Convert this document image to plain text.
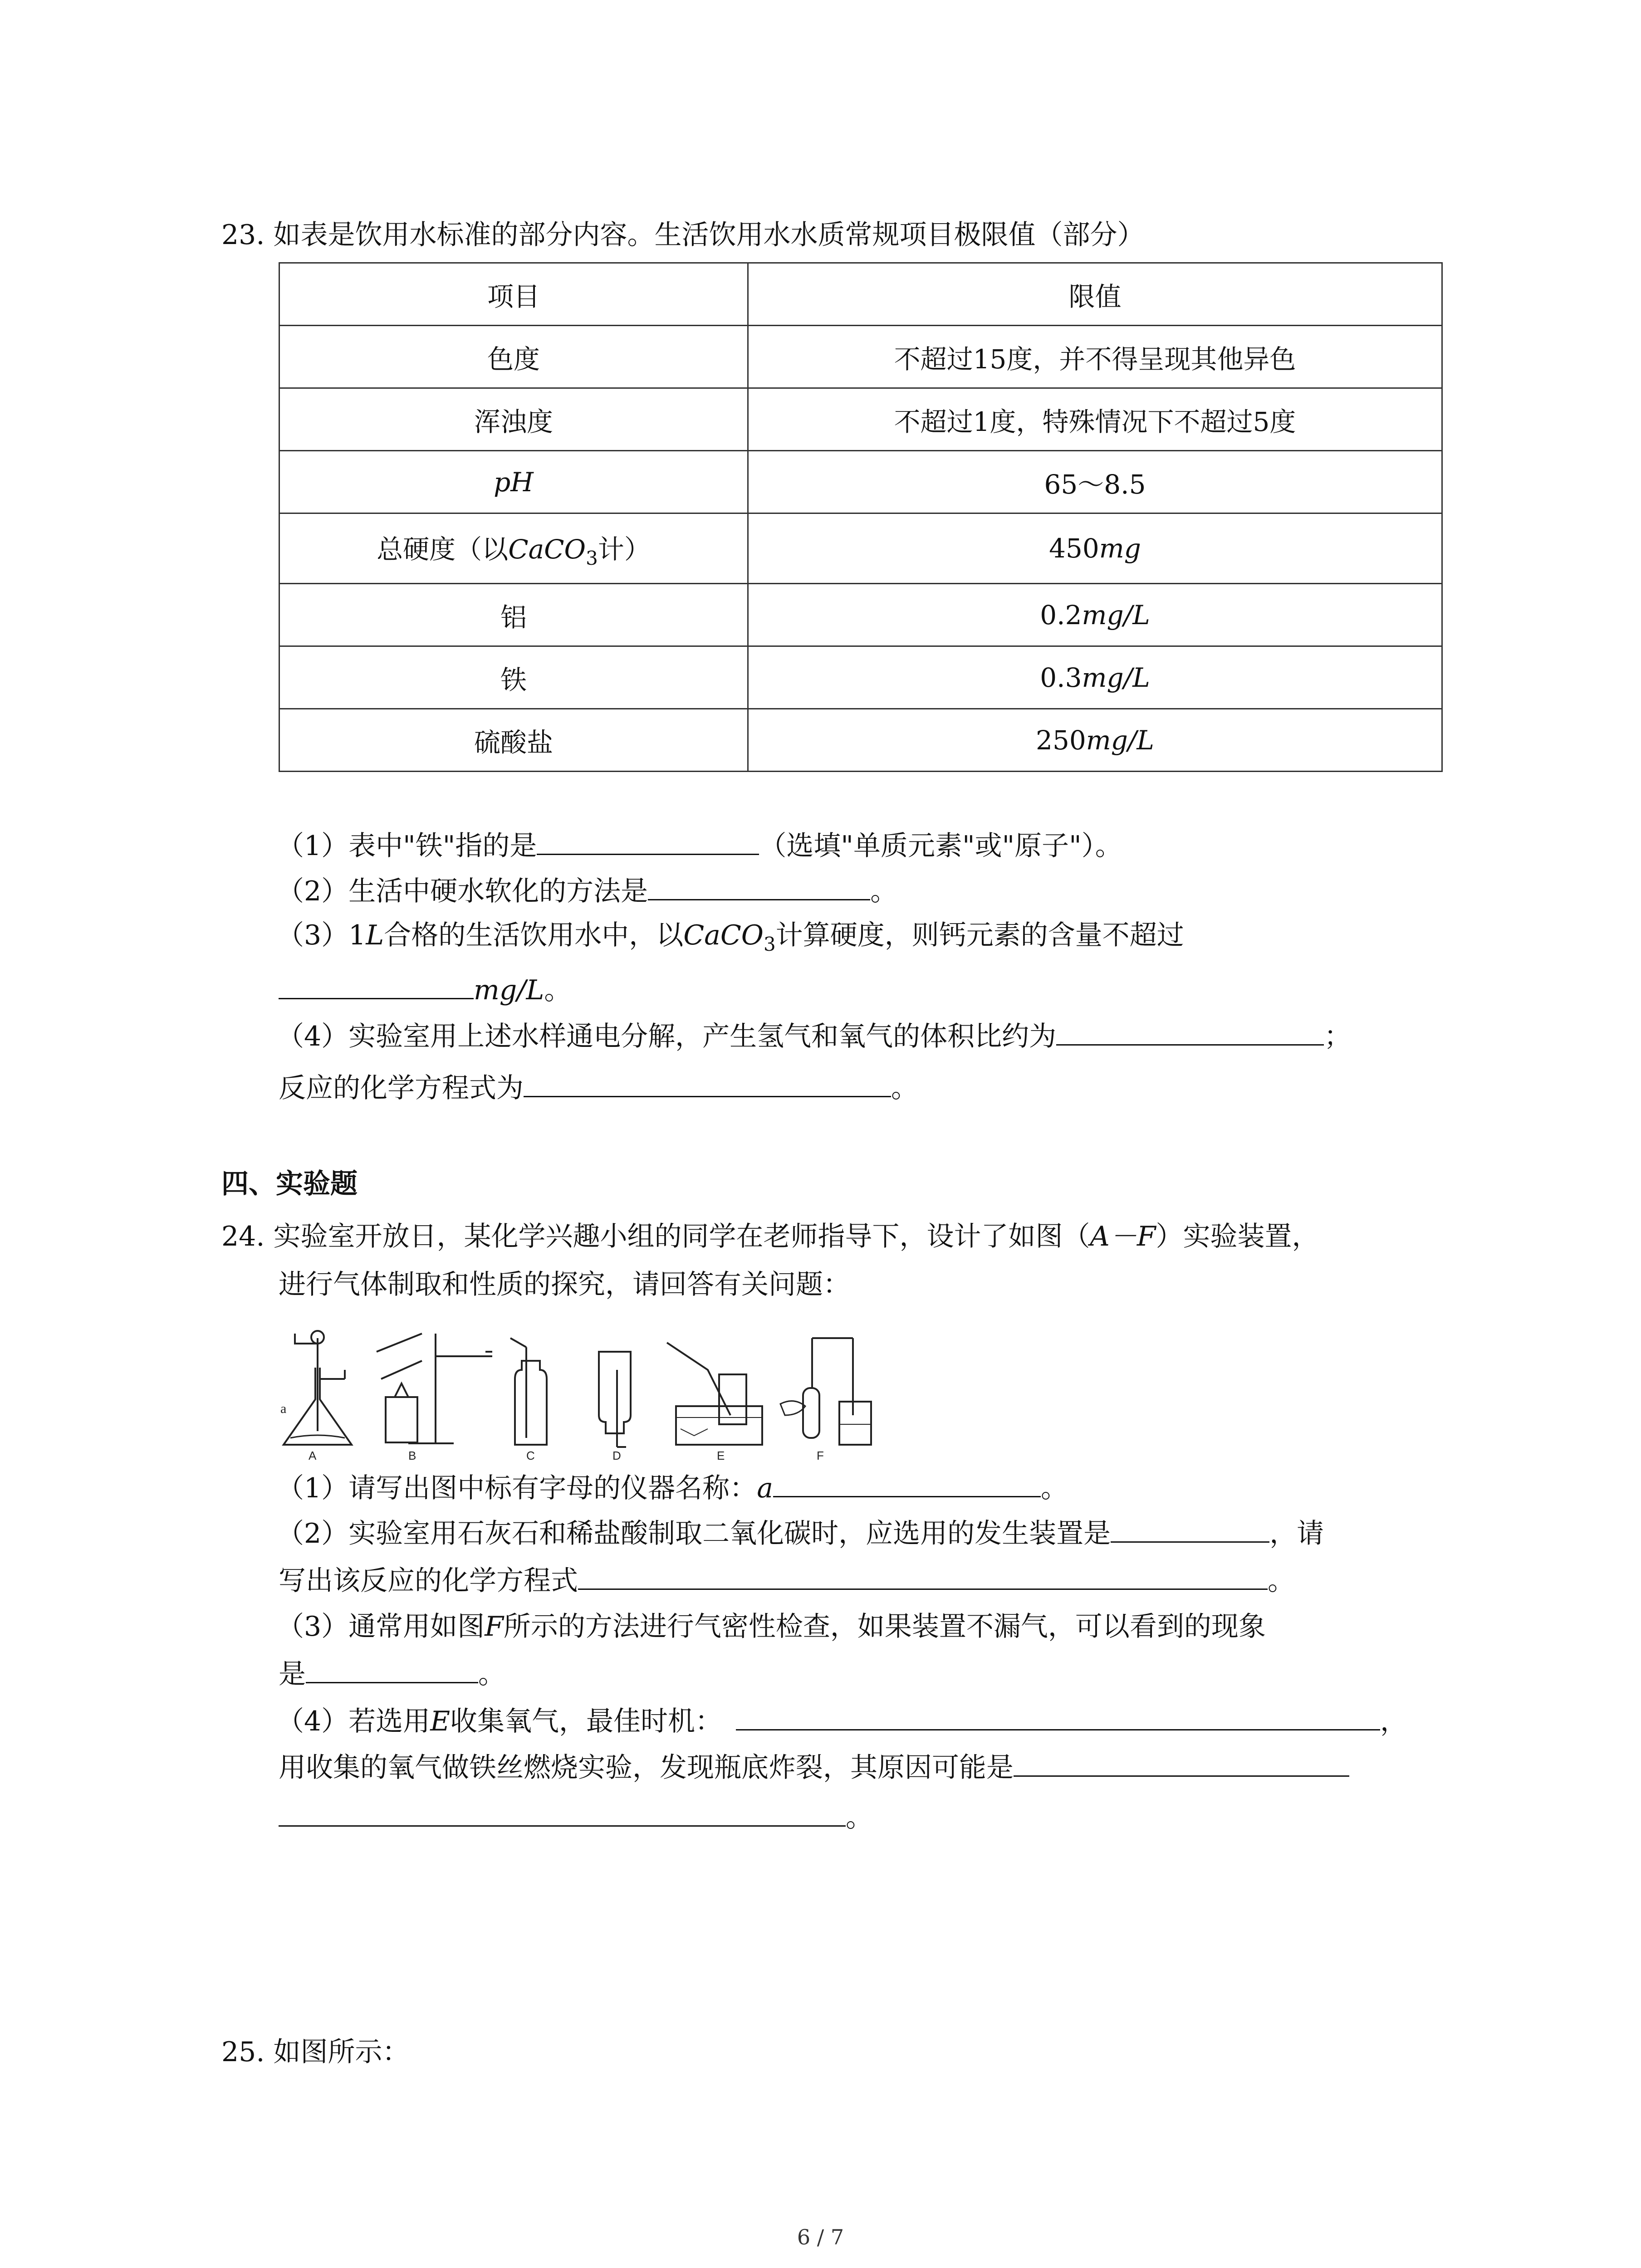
23. 如表是饮用水标准的部分内容。生活饮用水水质常规项目极限值（部分）
项目	限值
色度	不超过15度，并不得呈现其他异色
浑浊度	不超过1度，特殊情况下不超过5度
pH	65～8.5
总硬度（以CaCO$_3$计）	450mg
铝	0.2mg/L
铁	0.3mg/L
硫酸盐	250mg/L
（1）表中"铁"指的是	（选填"单质元素"或"原子"）。
（2）生活中硬水软化的方法是	。
（3）1L合格的生活饮用水中，以CaCO$_3$计算硬度，则钙元素的含量不超过
mg/L。
（4）实验室用上述水样通电分解，产生氢气和氧气的体积比约为	；
反应的化学方程式为	。
四、实验题
24. 实验室开放日，某化学兴趣小组的同学在老师指导下，设计了如图（A－F）实验装置，
进行气体制取和性质的探究，请回答有关问题：
a
A	B	C	D	E	F
（1）请写出图中标有字母的仪器名称：a	。
（2）实验室用石灰石和稀盐酸制取二氧化碳时，应选用的发生装置是	，请
写出该反应的化学方程式	。
（3）通常用如图F所示的方法进行气密性检查，如果装置不漏气，可以看到的现象
是	。
（4）若选用E收集氧气，最佳时机：	，
用收集的氧气做铁丝燃烧实验，发现瓶底炸裂，其原因可能是
。
25. 如图所示：
6 / 7
